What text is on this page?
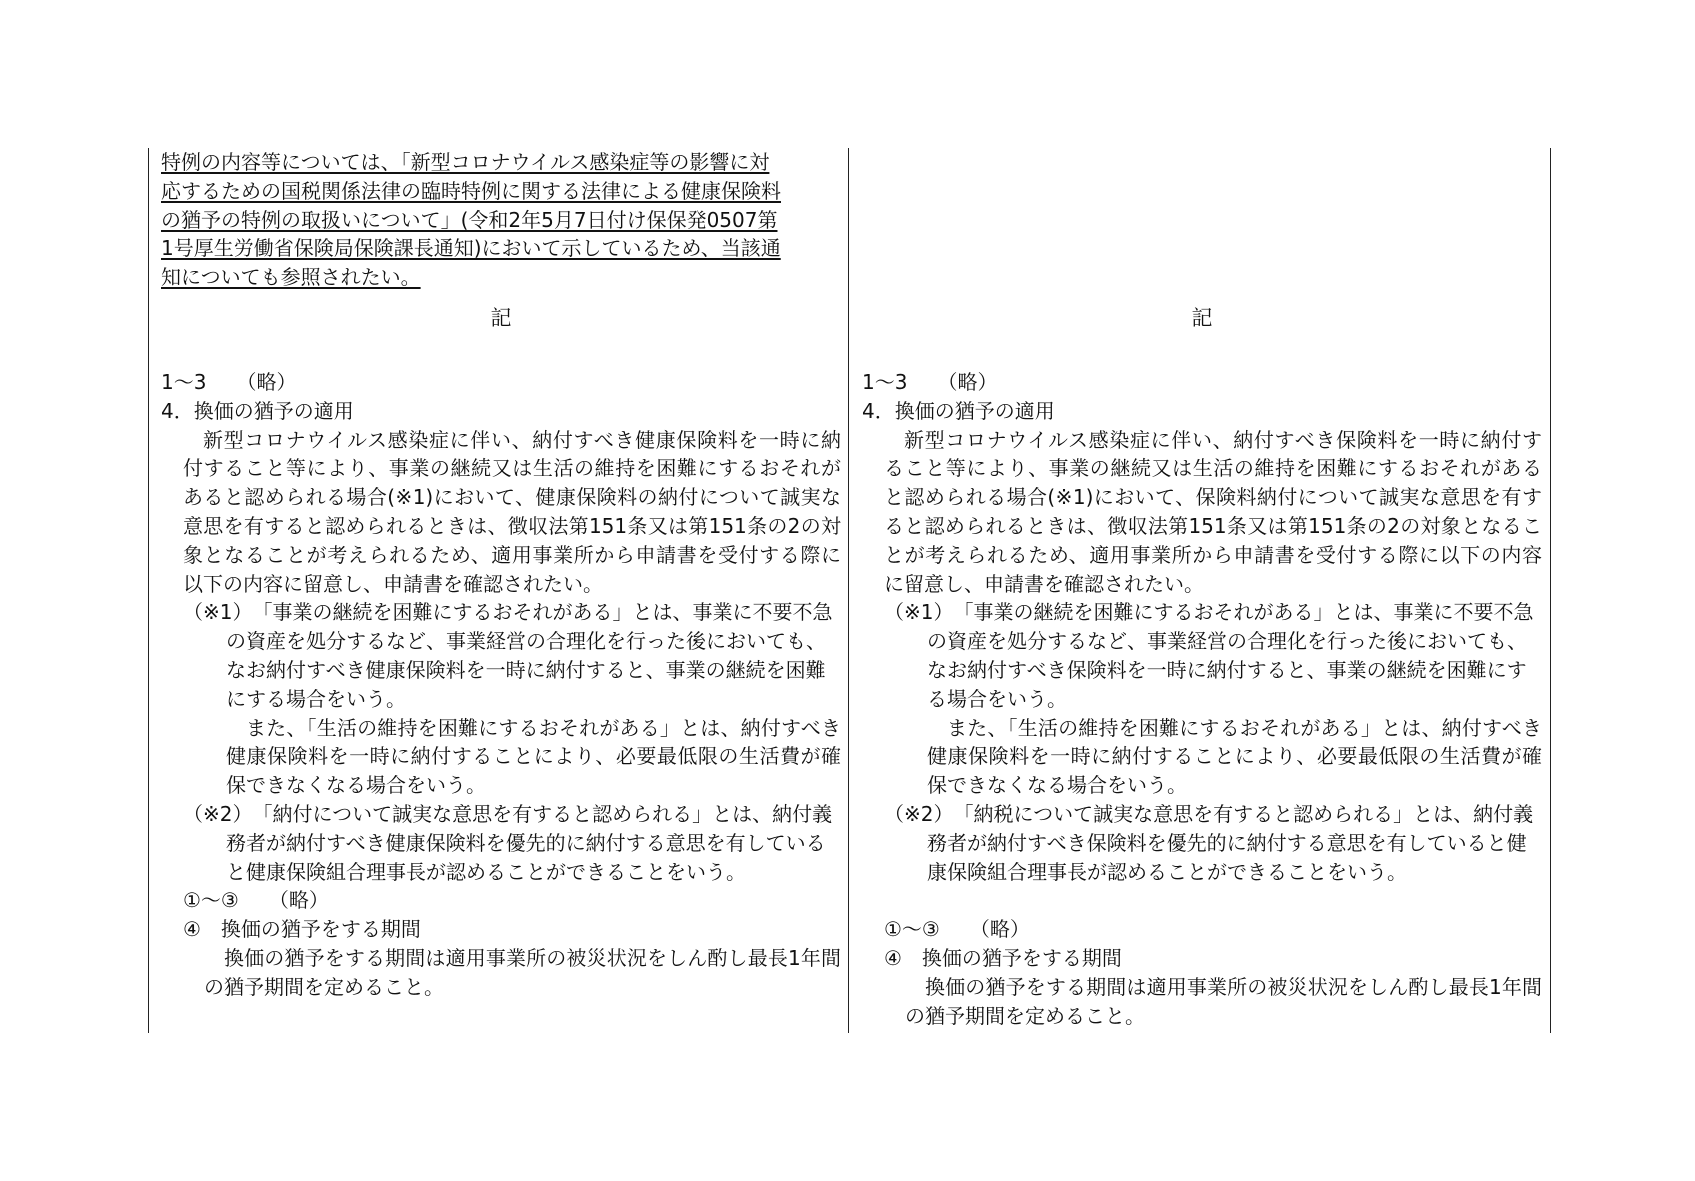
特例の内容等については、「新型コロナウイルス感染症等の影響に対
応するための国税関係法律の臨時特例に関する法律による健康保険料
の猶予の特例の取扱いについて」(令和2年5月7日付け保保発0507第
1号厚生労働省保険局保険課長通知)において示しているため、当該通
知についても参照されたい。
記
1～3　　（略）
4．換価の猶予の適用
新型コロナウイルス感染症に伴い、納付すべき健康保険料を一時に納付すること等により、事業の継続又は生活の維持を困難にするおそれがあると認められる場合(※1)において、健康保険料の納付について誠実な意思を有すると認められるときは、徴収法第151条又は第151条の2の対象となることが考えられるため、適用事業所から申請書を受付する際に以下の内容に留意し、申請書を確認されたい。
（※1）　「事業の継続を困難にするおそれがある」とは、事業に不要不急の資産を処分するなど、事業経営の合理化を行った後においても、なお納付すべき健康保険料を一時に納付すると、事業の継続を困難にする場合をいう。
また、「生活の維持を困難にするおそれがある」とは、納付すべき健康保険料を一時に納付することにより、必要最低限の生活費が確保できなくなる場合をいう。
（※2）　「納付について誠実な意思を有すると認められる」とは、納付義務者が納付すべき健康保険料を優先的に納付する意思を有していると健康保険組合理事長が認めることができることをいう。
①～③　　（略）
④　換価の猶予をする期間
換価の猶予をする期間は適用事業所の被災状況をしん酌し最長1年間の猶予期間を定めること。
記
1～3　　（略）
4．換価の猶予の適用
新型コロナウイルス感染症に伴い、納付すべき保険料を一時に納付すること等により、事業の継続又は生活の維持を困難にするおそれがあると認められる場合(※1)において、保険料納付について誠実な意思を有すると認められるときは、徴収法第151条又は第151条の2の対象となることが考えられるため、適用事業所から申請書を受付する際に以下の内容に留意し、申請書を確認されたい。
（※1）　「事業の継続を困難にするおそれがある」とは、事業に不要不急の資産を処分するなど、事業経営の合理化を行った後においても、なお納付すべき保険料を一時に納付すると、事業の継続を困難にする場合をいう。
また、「生活の維持を困難にするおそれがある」とは、納付すべき健康保険料を一時に納付することにより、必要最低限の生活費が確保できなくなる場合をいう。
（※2）　「納税について誠実な意思を有すると認められる」とは、納付義務者が納付すべき保険料を優先的に納付する意思を有していると健康保険組合理事長が認めることができることをいう。
①～③　　（略）
④　換価の猶予をする期間
換価の猶予をする期間は適用事業所の被災状況をしん酌し最長1年間の猶予期間を定めること。
